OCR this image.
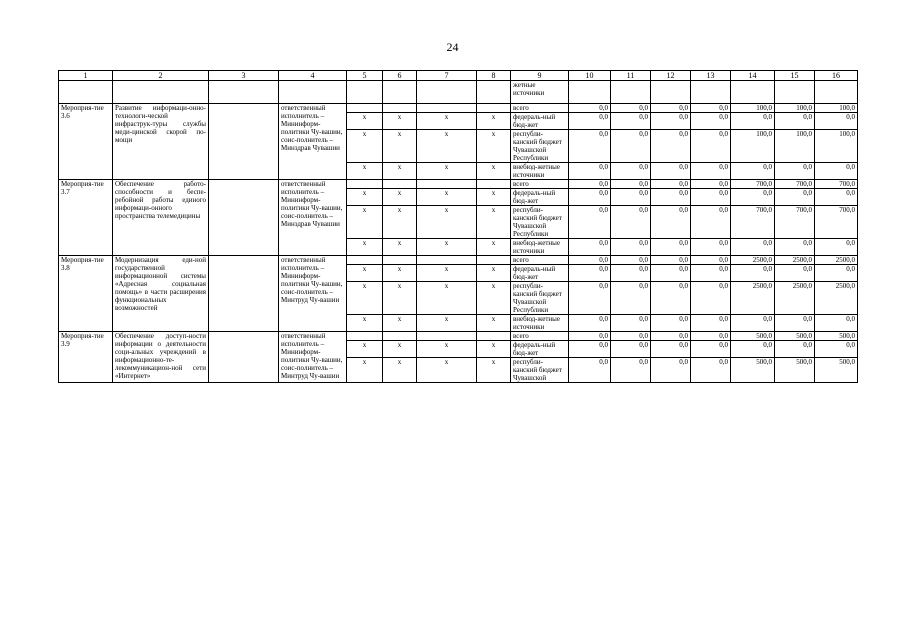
24
1	2	3	4	5	6	7	8	9	10	11	12	13	14	15	16
								жетные источники							
Мероприя-тие 3.6	Развитие информаци-онно-технологи-ческой инфраструк-туры службы меди-цинской скорой по-мощи		ответственный исполнитель – Мининформ-политики Чу-вашии, соис-полнитель – Минздрав Чувашии					всего	0,0	0,0	0,0	0,0	100,0	100,0	100,0
				x	x	x	x	федераль-ный бюд-жет	0,0	0,0	0,0	0,0	0,0	0,0	0,0
				x	x	x	x	республи-канский бюджет Чувашской Республики	0,0	0,0	0,0	0,0	100,0	100,0	100,0
				x	x	x	x	внебюд-жетные источники	0,0	0,0	0,0	0,0	0,0	0,0	0,0
Мероприя-тие 3.7	Обеспечение работо-способности и беспе-ребойной работы единого информаци-онного пространства телемедицины		ответственный исполнитель – Мининформ-политики Чу-вашии, соис-полнитель – Минздрав Чувашии					всего	0,0	0,0	0,0	0,0	700,0	700,0	700,0
				x	x	x	x	федераль-ный бюд-жет	0,0	0,0	0,0	0,0	0,0	0,0	0,0
				x	x	x	x	республи-канский бюджет Чувашской Республики	0,0	0,0	0,0	0,0	700,0	700,0	700,0
				x	x	x	x	внебюд-жетные источники	0,0	0,0	0,0	0,0	0,0	0,0	0,0
Мероприя-тие 3.8	Модернизация еди-ной государственной информационной системы «Адресная социальная помощь» в части расширения функциональных возможностей		ответственный исполнитель – Мининформ-политики Чу-вашии, соис-полнитель – Минтруд Чу-вашии					всего	0,0	0,0	0,0	0,0	2500,0	2500,0	2500,0
				x	x	x	x	федераль-ный бюд-жет	0,0	0,0	0,0	0,0	0,0	0,0	0,0
				x	x	x	x	республи-канский бюджет Чувашской Республики	0,0	0,0	0,0	0,0	2500,0	2500,0	2500,0
				x	x	x	x	внебюд-жетные источники	0,0	0,0	0,0	0,0	0,0	0,0	0,0
Мероприя-тие 3.9	Обеспечение доступ-ности информации о деятельности соци-альных учреждений в информационно-те-лекоммуникацион-ной сети «Интернет»		ответственный исполнитель – Мининформ-политики Чу-вашии, соис-полнитель – Минтруд Чу-вашии					всего	0,0	0,0	0,0	0,0	500,0	500,0	500,0
				x	x	x	x	федераль-ный бюд-жет	0,0	0,0	0,0	0,0	0,0	0,0	0,0
				x	x	x	x	республи-канский бюджет Чувашской	0,0	0,0	0,0	0,0	500,0	500,0	500,0
